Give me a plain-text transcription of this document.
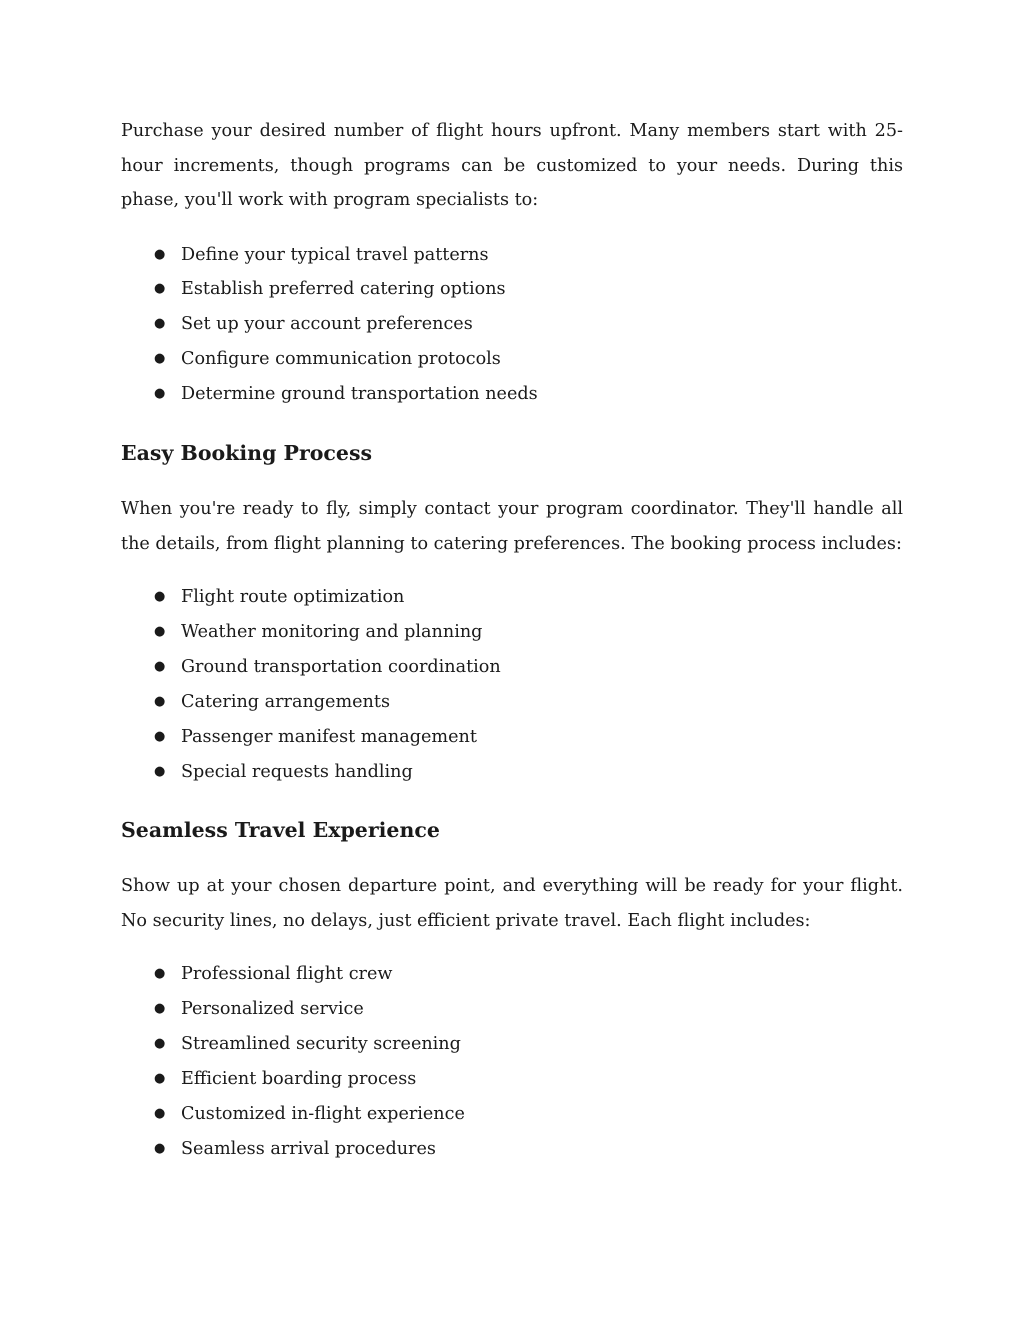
Purchase your desired number of flight hours upfront. Many members start with 25-hour increments, though programs can be customized to your needs. During this phase, you'll work with program specialists to:

● Define your typical travel patterns
● Establish preferred catering options
● Set up your account preferences
● Configure communication protocols
● Determine ground transportation needs
Easy Booking Process

When you're ready to fly, simply contact your program coordinator. They'll handle all the details, from flight planning to catering preferences. The booking process includes:

● Flight route optimization
● Weather monitoring and planning
● Ground transportation coordination
● Catering arrangements
● Passenger manifest management
● Special requests handling
Seamless Travel Experience

Show up at your chosen departure point, and everything will be ready for your flight. No security lines, no delays, just efficient private travel. Each flight includes:

● Professional flight crew
● Personalized service
● Streamlined security screening
● Efficient boarding process
● Customized in-flight experience
● Seamless arrival procedures
